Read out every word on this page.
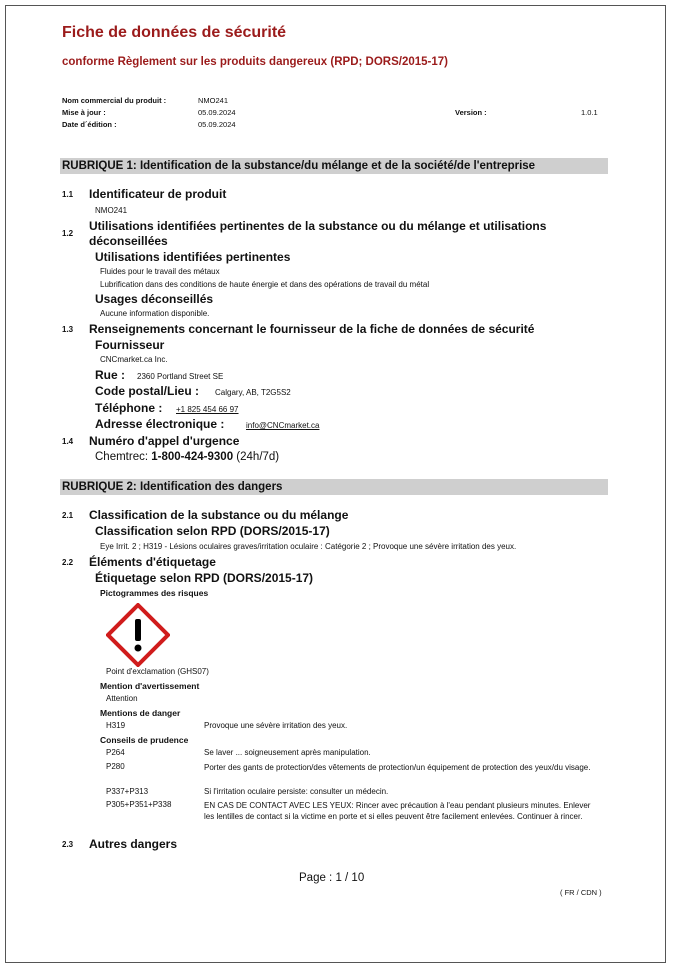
Fiche de données de sécurité
conforme Règlement sur les produits dangereux (RPD; DORS/2015-17)
Nom commercial du produit :	NMO241
Mise à jour :	05.09.2024	Version :	1.0.1
Date d´édition :	05.09.2024
RUBRIQUE 1: Identification de la substance/du mélange et de la société/de l'entreprise
1.1 Identificateur de produit
NMO241
1.2
Utilisations identifiées pertinentes de la substance ou du mélange et utilisations
déconseillées
Utilisations identifiées pertinentes
Fluides pour le travail des métaux
Lubrification dans des conditions de haute énergie et dans des opérations de travail du métal
Usages déconseillés
Aucune information disponible.
1.3 Renseignements concernant le fournisseur de la fiche de données de sécurité
Fournisseur
CNCmarket.ca Inc.
Rue : 2360 Portland Street SE
Code postal/Lieu : Calgary, AB, T2G5S2
Téléphone : +1 825 454 66 97
Adresse électronique :	info@CNCmarket.ca
1.4 Numéro d'appel d'urgence
Chemtrec: 1-800-424-9300 (24h/7d)
RUBRIQUE 2: Identification des dangers
2.1 Classification de la substance ou du mélange
Classification selon RPD (DORS/2015-17)
Eye Irrit. 2 ; H319 - Lésions oculaires graves/irritation oculaire : Catégorie 2 ; Provoque une sévère irritation des yeux.
2.2 Éléments d'étiquetage
Étiquetage selon RPD (DORS/2015-17)
Pictogrammes des risques
Point d'exclamation (GHS07)
Mention d'avertissement
Attention
Mentions de danger
H319	Provoque une sévère irritation des yeux.
Conseils de prudence
P264	Se laver ... soigneusement après manipulation.
P280	Porter des gants de protection/des vêtements de protection/un équipement de protection des yeux/du visage.
P337+P313	Si l'irritation oculaire persiste: consulter un médecin.
P305+P351+P338	EN CAS DE CONTACT AVEC LES YEUX: Rincer avec précaution à l'eau pendant plusieurs minutes. Enlever les lentilles de contact si la victime en porte et si elles peuvent être facilement enlevées. Continuer à rincer.
2.3 Autres dangers
Page : 1 / 10
( FR / CDN )
